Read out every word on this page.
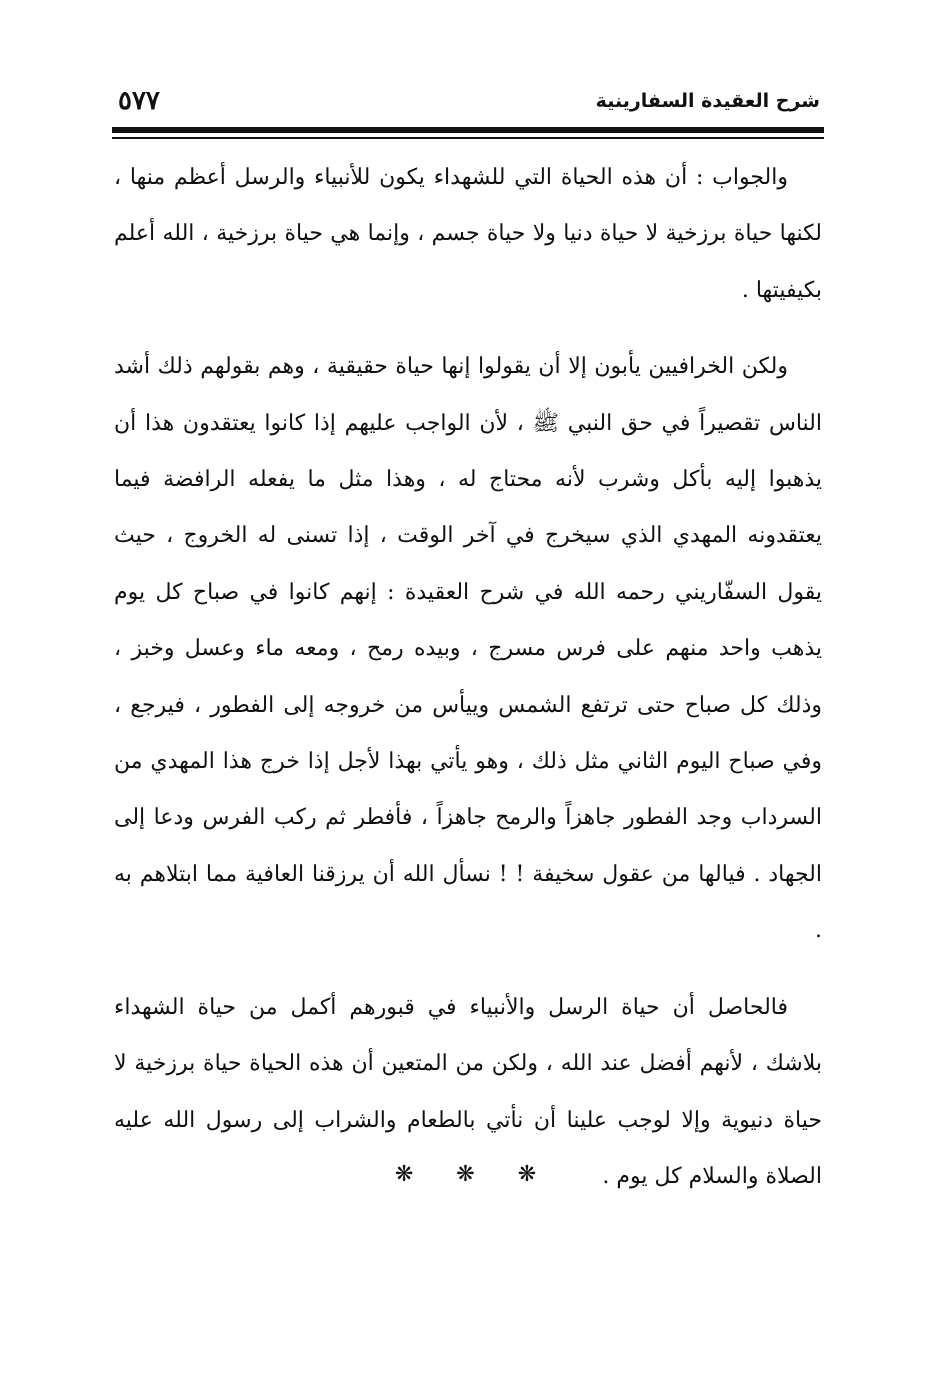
شرح العقيدة السفارينية
٥٧٧

والجواب : أن هذه الحياة التي للشهداء يكون للأنبياء والرسل أعظم منها ، لكنها حياة برزخية لا حياة دنيا ولا حياة جسم ، وإنما هي حياة برزخية ، الله أعلم بكيفيتها .

ولكن الخرافيين يأبون إلا أن يقولوا إنها حياة حقيقية ، وهم بقولهم ذلك أشد الناس تقصيراً في حق النبي ﷺ ، لأن الواجب عليهم إذا كانوا يعتقدون هذا أن يذهبوا إليه بأكل وشرب لأنه محتاج له ، وهذا مثل ما يفعله الرافضة فيما يعتقدونه المهدي الذي سيخرج في آخر الوقت ، إذا تسنى له الخروج ، حيث يقول السفّاريني رحمه الله في شرح العقيدة : إنهم كانوا في صباح كل يوم يذهب واحد منهم على فرس مسرج ، وبيده رمح ، ومعه ماء وعسل وخبز ، وذلك كل صباح حتى ترتفع الشمس وييأس من خروجه إلى الفطور ، فيرجع ، وفي صباح اليوم الثاني مثل ذلك ، وهو يأتي بهذا لأجل إذا خرج هذا المهدي من السرداب وجد الفطور جاهزاً والرمح جاهزاً ، فأفطر ثم ركب الفرس ودعا إلى الجهاد . فيالها من عقول سخيفة ! ! نسأل الله أن يرزقنا العافية مما ابتلاهم به .

فالحاصل أن حياة الرسل والأنبياء في قبورهم أكمل من حياة الشهداء بلاشك ، لأنهم أفضل عند الله ، ولكن من المتعين أن هذه الحياة حياة برزخية لا حياة دنيوية وإلا لوجب علينا أن نأتي بالطعام والشراب إلى رسول الله عليه الصلاة والسلام كل يوم .

❋ ❋ ❋
